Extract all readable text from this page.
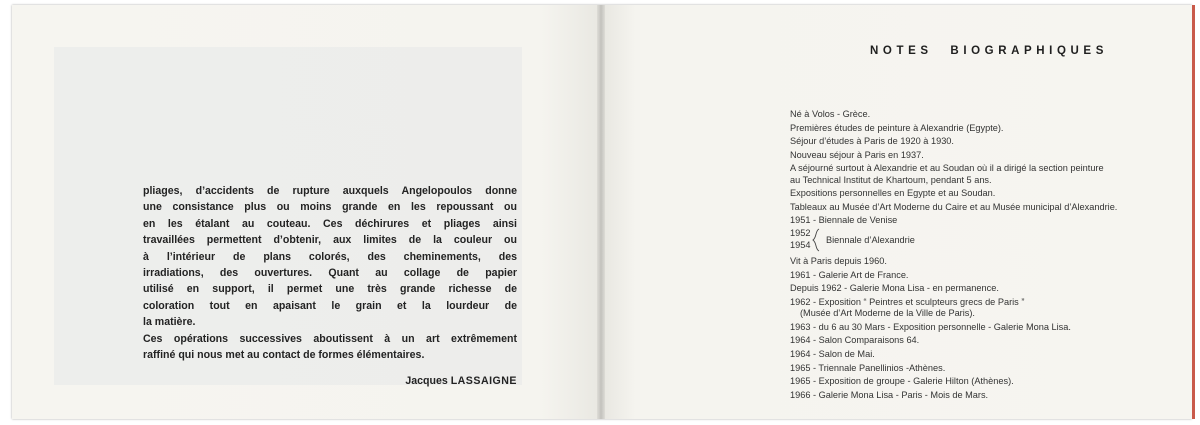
pliages, d’accidents de rupture auxquels Angelopoulos donne

une consistance plus ou moins grande en les repoussant ou

en les étalant au couteau. Ces déchirures et pliages ainsi

travaillées permettent d’obtenir, aux limites de la couleur ou

à l’intérieur de plans colorés, des cheminements, des

irradiations, des ouvertures. Quant au collage de papier

utilisé en support, il permet une très grande richesse de

coloration tout en apaisant le grain et la lourdeur de

la matière.

Ces opérations successives aboutissent à un art extrêmement

raffiné qui nous met au contact de formes élémentaires.

Jacques LASSAIGNE
NOTES BIOGRAPHIQUES
Né à Volos - Grèce.
Premières études de peinture à Alexandrie (Egypte).
Séjour d’études à Paris de 1920 à 1930.
Nouveau séjour à Paris en 1937.
A séjourné surtout à Alexandrie et au Soudan où il a dirigé la section peinture
au Technical Institut de Khartoum, pendant 5 ans.
Expositions personnelles en Egypte et au Soudan.
Tableaux au Musée d’Art Moderne du Caire et au Musée municipal d’Alexandrie.
1951 - Biennale de Venise
1952
1954 Biennale d’Alexandrie
Vit à Paris depuis 1960.
1961 - Galerie Art de France.
Depuis 1962 - Galerie Mona Lisa - en permanence.
1962 - Exposition “ Peintres et sculpteurs grecs de Paris ”
(Musée d’Art Moderne de la Ville de Paris).
1963 - du 6 au 30 Mars - Exposition personnelle - Galerie Mona Lisa.
1964 - Salon Comparaisons 64.
1964 - Salon de Mai.
1965 - Triennale Panellinios -Athènes.
1965 - Exposition de groupe - Galerie Hilton (Athènes).
1966 - Galerie Mona Lisa - Paris - Mois de Mars.
